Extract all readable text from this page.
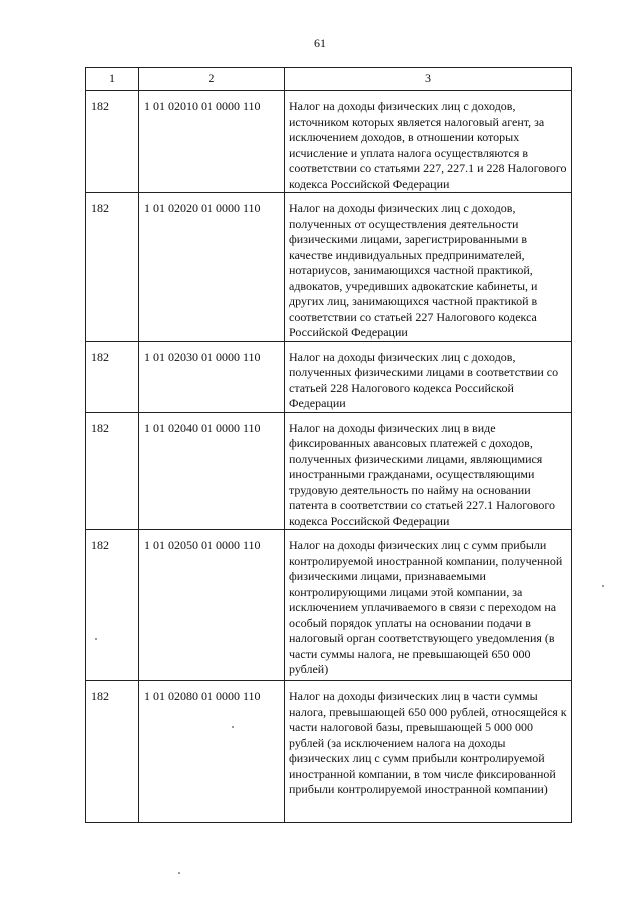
61
1	2	3

182	1 01 02010 01 0000 110	Налог на доходы физических лиц с доходов, источником которых является налоговый агент, за исключением доходов, в отношении которых исчисление и уплата налога осуществляются в соответствии со статьями 227, 227.1 и 228 Налогового кодекса Российской Федерации

182	1 01 02020 01 0000 110	Налог на доходы физических лиц с доходов, полученных от осуществления деятельности физическими лицами, зарегистрированными в качестве индивидуальных предпринимателей, нотариусов, занимающихся частной практикой, адвокатов, учредивших адвокатские кабинеты, и других лиц, занимающихся частной практикой в соответствии со статьей 227 Налогового кодекса Российской Федерации

182	1 01 02030 01 0000 110	Налог на доходы физических лиц с доходов, полученных физическими лицами в соответствии со статьей 228 Налогового кодекса Российской Федерации

182	1 01 02040 01 0000 110	Налог на доходы физических лиц в виде фиксированных авансовых платежей с доходов, полученных физическими лицами, являющимися иностранными гражданами, осуществляющими трудовую деятельность по найму на основании патента в соответствии со статьей 227.1 Налогового кодекса Российской Федерации

182	1 01 02050 01 0000 110	Налог на доходы физических лиц с сумм прибыли контролируемой иностранной компании, полученной физическими лицами, признаваемыми контролирующими лицами этой компании, за исключением уплачиваемого в связи с переходом на особый порядок уплаты на основании подачи в налоговый орган соответствующего уведомления (в части суммы налога, не превышающей 650 000 рублей)

182	1 01 02080 01 0000 110	Налог на доходы физических лиц в части суммы налога, превышающей 650 000 рублей, относящейся к части налоговой базы, превышающей 5 000 000 рублей (за исключением налога на доходы физических лиц с сумм прибыли контролируемой иностранной компании, в том числе фиксированной прибыли контролируемой иностранной компании)
